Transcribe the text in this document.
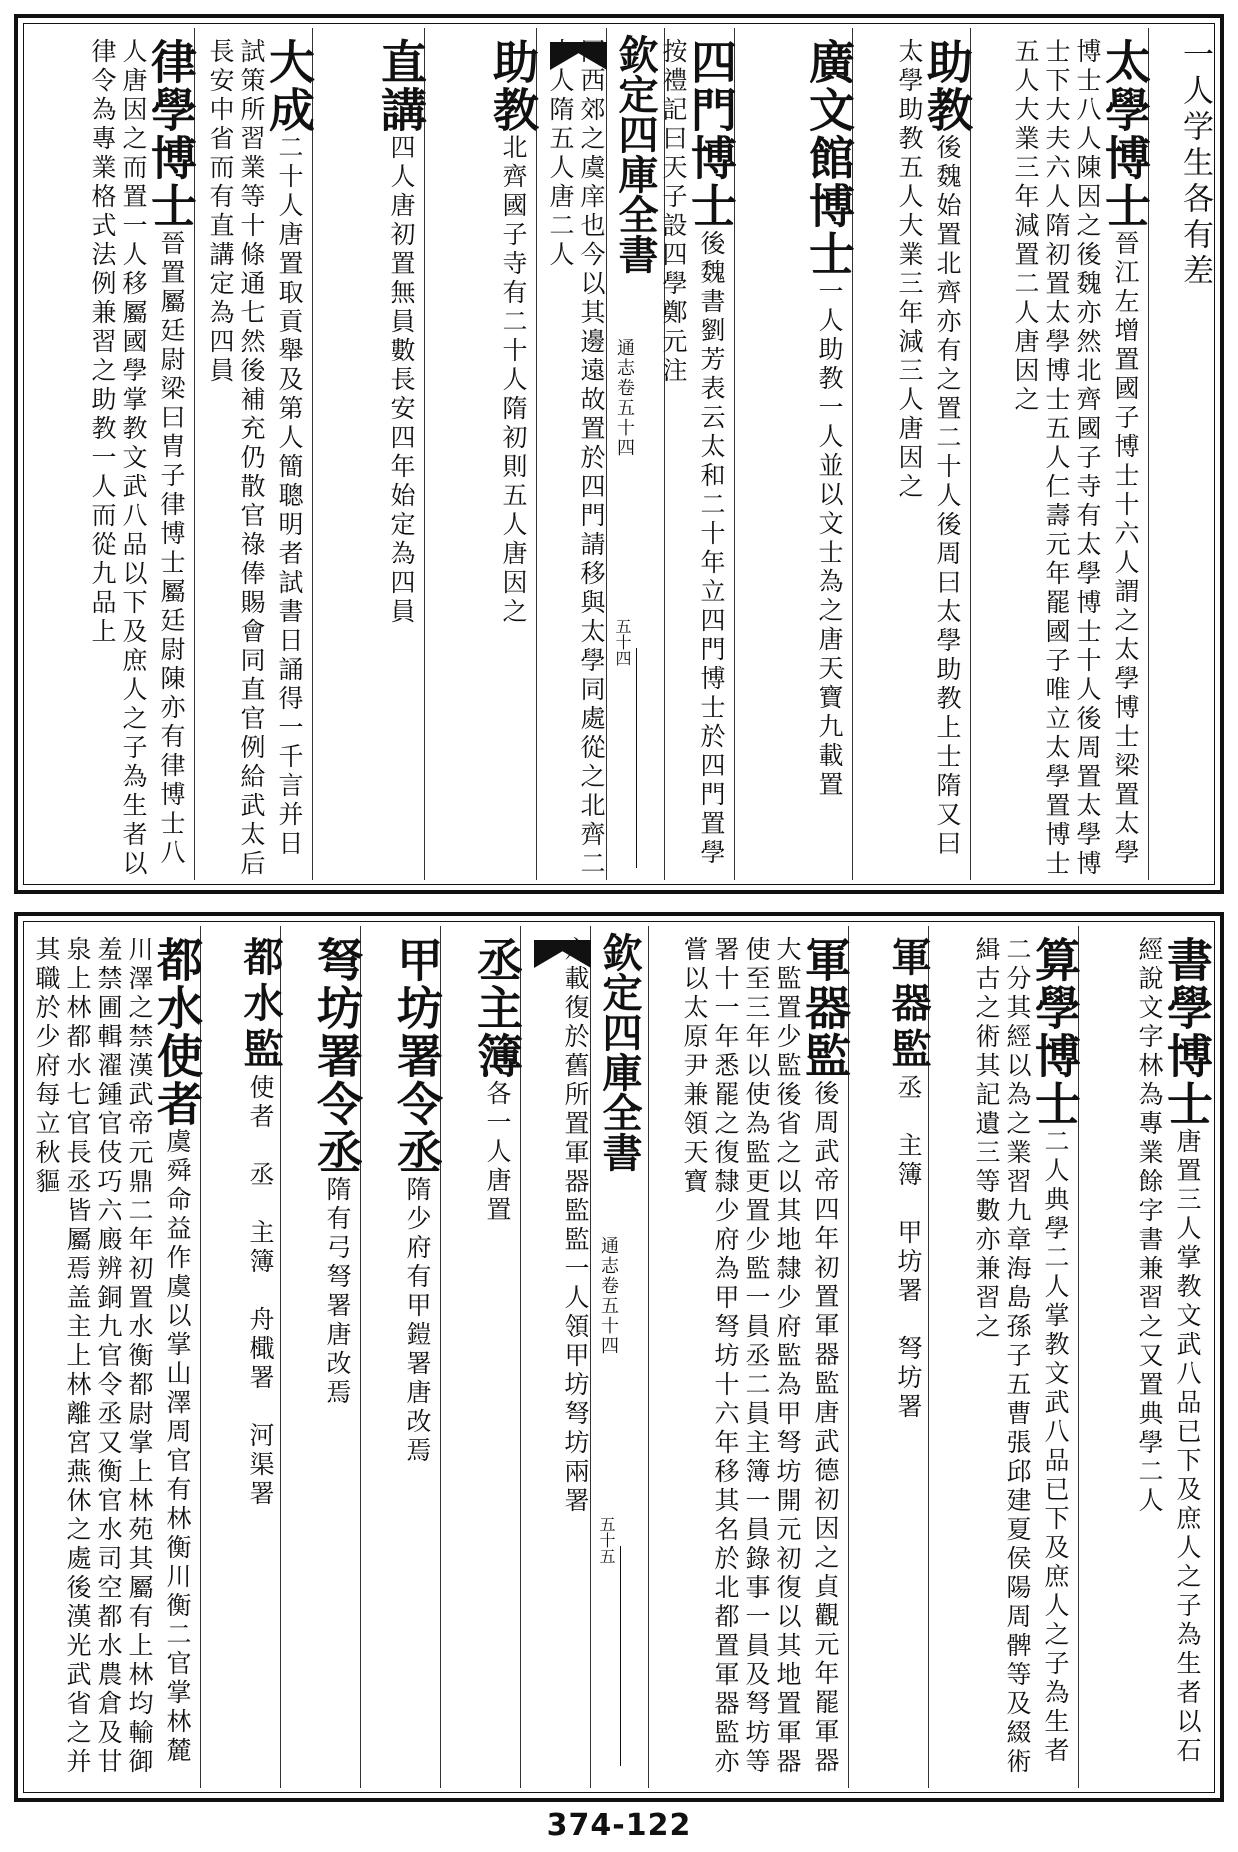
一人学生各有差
太學博士晉江左增置國子博士十六人謂之太學博士梁置太學博士八人陳因之後魏亦然北齊國子寺有太學博士十人後周置太學博士下大夫六人隋初置太學博士五人仁壽元年罷國子唯立太學置博士五人大業三年減置二人唐因之
助教後魏始置北齊亦有之置二十人後周曰太學助教上士隋又曰太學助教五人大業三年減三人唐因之
廣文館博士一人助教一人並以文士為之唐天寶九載置
四門博士後魏書劉芳表云太和二十年立四門博士於四門置學按禮記曰天子設四學鄭元注
欽定四庫全書
通志卷五十四
五十四
同西郊之虞庠也今以其邊遠故置於四門請移與太學同處從之北齊二十人隋五人唐二人
助教北齊國子寺有二十人隋初則五人唐因之
直講四人唐初置無員數長安四年始定為四員
大成二十人唐置取貢舉及第人簡聰明者試書日誦得一千言并日試策所習業等十條通七然後補充仍散官祿俸賜會同直官例給武太后長安中省而有直講定為四員
律學博士晉置屬廷尉梁曰胄子律博士屬廷尉陳亦有律博士八人唐因之而置一人移屬國學掌教文武八品以下及庶人之子為生者以律令為專業格式法例兼習之助教一人而從九品上
書學博士唐置三人掌教文武八品已下及庶人之子為生者以石經說文字林為專業餘字書兼習之又置典學二人
算學博士二人典學二人掌教文武八品已下及庶人之子為生者二分其經以為之業習九章海島孫子五曹張邱建夏侯陽周髀等及綴術緝古之術其記遺三等數亦兼習之
軍器監丞　主簿　甲坊署　弩坊署
軍器監後周武帝四年初置軍器監唐武德初因之貞觀元年罷軍器大監置少監後省之以其地隸少府監為甲弩坊開元初復以其地置軍器使至三年以使為監更置少監一員丞二員主簿一員錄事一員及弩坊等署十一年悉罷之復隸少府為甲弩坊十六年移其名於北都置軍器監亦嘗以太原尹兼領天寶
欽定四庫全書
通志卷五十四
五十五
六載復於舊所置軍器監監一人領甲坊弩坊兩署
丞主簿各一人唐置
甲坊署令丞隋少府有甲鎧署唐改焉
弩坊署令丞隋有弓弩署唐改焉
都水監使者　丞　主簿　舟檝署　河渠署
都水使者虞舜命益作虞以掌山澤周官有林衡川衡二官掌林麓川澤之禁漢武帝元鼎二年初置水衡都尉掌上林苑其屬有上林均輸御羞禁圃輯濯鍾官伎巧六廄辨銅九官令丞又衡官水司空都水農倉及甘泉上林都水七官長丞皆屬焉盖主上林離宮燕休之處後漢光武省之并其職於少府每立秋貙
374-122
